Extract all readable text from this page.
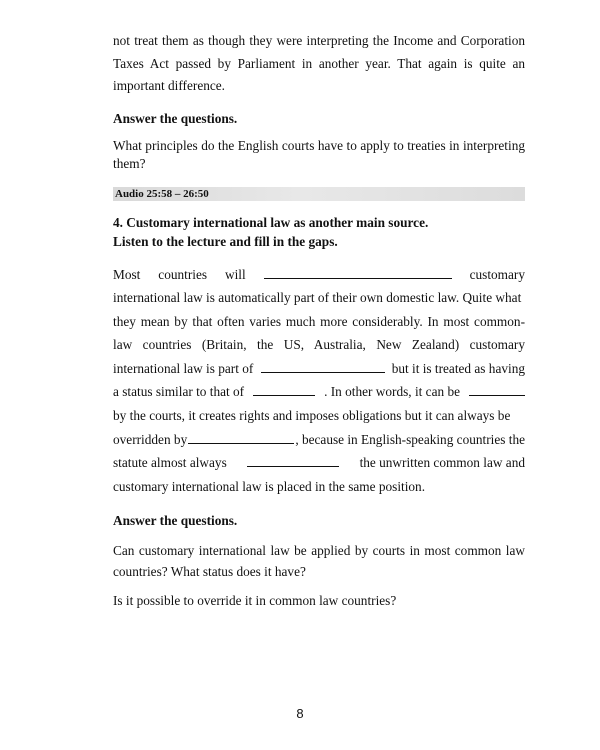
not treat them as though they were interpreting the Income and Corporation Taxes Act passed by Parliament in another year. That again is quite an important difference.

Answer the questions.

What principles do the English courts have to apply to treaties in interpreting them?

Audio 25:58 – 26:50

4. Customary international law as another main source.

Listen to the lecture and fill in the gaps.

Most countries will	customary
international law is automatically part of their own domestic law. Quite what
they mean by that often varies much more considerably. In most common-
law countries (Britain, the US, Australia, New Zealand) customary
international law is part of	but it is treated as having
a status similar to that of	. In other words, it can be
by the courts, it creates rights and imposes obligations but it can always be
overridden by	, because in English-speaking countries the
statute almost always	the unwritten common law and
customary international law is placed in the same position.

Answer the questions.

Can customary international law be applied by courts in most common law countries? What status does it have?

Is it possible to override it in common law countries?

8
